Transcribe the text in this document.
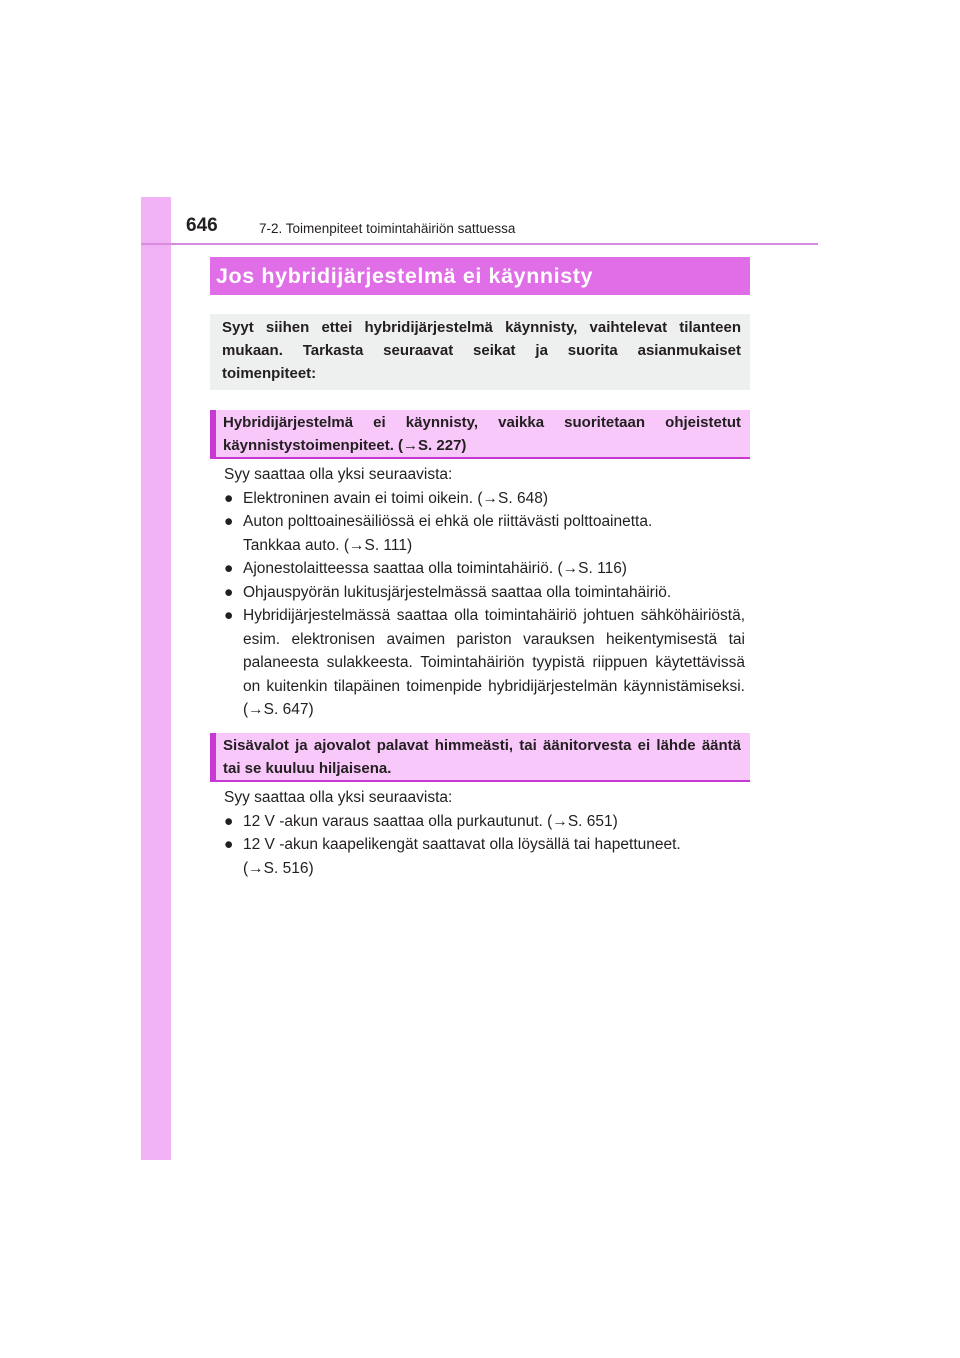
646	7-2. Toimenpiteet toimintahäiriön sattuessa
Jos hybridijärjestelmä ei käynnisty
Syyt siihen ettei hybridijärjestelmä käynnisty, vaihtelevat tilanteen mukaan. Tarkasta seuraavat seikat ja suorita asianmukaiset toimenpiteet:
Hybridijärjestelmä ei käynnisty, vaikka suoritetaan ohjeistetut käynnistystoimenpiteet. (→S. 227)

Syy saattaa olla yksi seuraavista:

● Elektroninen avain ei toimi oikein. (→S. 648)
● Auton polttoainesäiliössä ei ehkä ole riittävästi polttoainetta.
Tankkaa auto. (→S. 111)
● Ajonestolaitteessa saattaa olla toimintahäiriö. (→S. 116)
● Ohjauspyörän lukitusjärjestelmässä saattaa olla toimintahäiriö.
● Hybridijärjestelmässä saattaa olla toimintahäiriö johtuen sähköhäiriöstä, esim. elektronisen avaimen pariston varauksen heikentymisestä tai palaneesta sulakkeesta. Toimintahäiriön tyypistä riippuen käytettävissä on kuitenkin tilapäinen toimenpide hybridijärjestelmän käynnistämiseksi. (→S. 647)
Sisävalot ja ajovalot palavat himmeästi, tai äänitorvesta ei lähde ääntä tai se kuuluu hiljaisena.

Syy saattaa olla yksi seuraavista:

● 12 V -akun varaus saattaa olla purkautunut. (→S. 651)
● 12 V -akun kaapelikengät saattavat olla löysällä tai hapettuneet.
(→S. 516)
